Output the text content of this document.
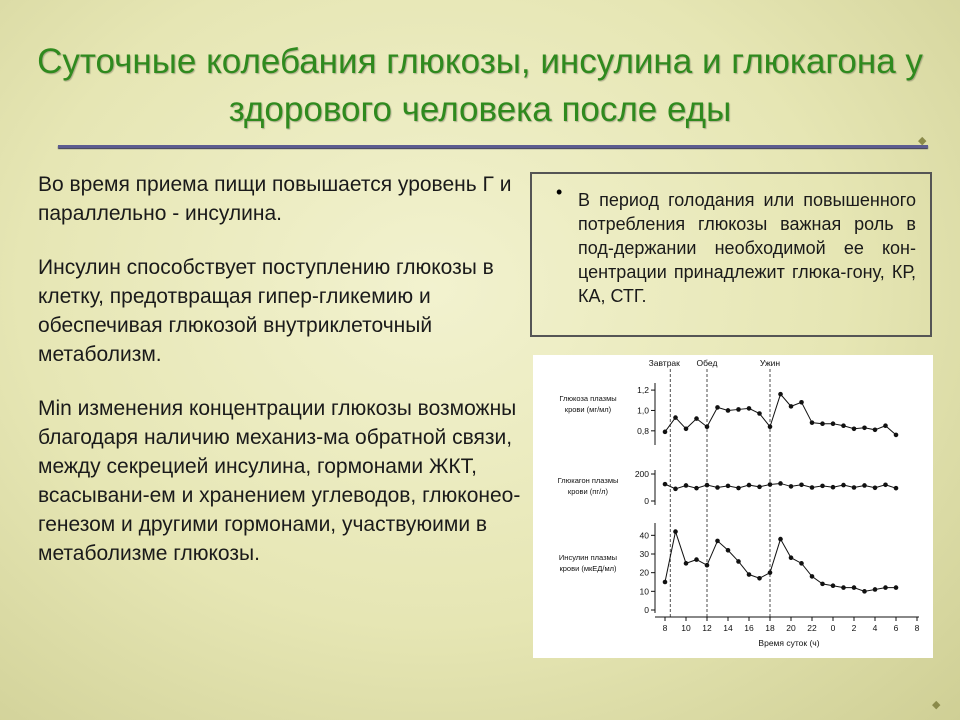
Суточные колебания глюкозы, инсулина и глюкагона у здорового человека после еды
◆
◆

Во время приема пищи повышается уровень Г и параллельно - инсулина.

Инсулин способствует поступлению глюкозы в клетку, предотвращая гипер-гликемию и обеспечивая глюкозой внутриклеточный метаболизм.

Min изменения концентрации глюкозы возможны благодаря наличию механиз-ма обратной связи, между секрецией инсулина, гормонами ЖКТ, всасывани-ем и хранением углеводов, глюконео-генезом и другими гормонами, участвуюими в метаболизме глюкозы.

• В период голодания или повышенного потребления глюкозы важная роль в под-держании необходимой ее кон-центрации принадлежит глюка-гону, КР, КА, СТГ.
Завтрак Обед	Ужин
Глюкоза плазмы
крови (мг/мл)
1,2
1,0
0,8
Глюкагон плазмы
крови (пг/л)
200
0
Инсулин плазмы
крови (мкЕД/мл)
40
30
20
10
0
8 10 12 14 16 18 20 22 0 2 4 6 8
Время суток (ч)
